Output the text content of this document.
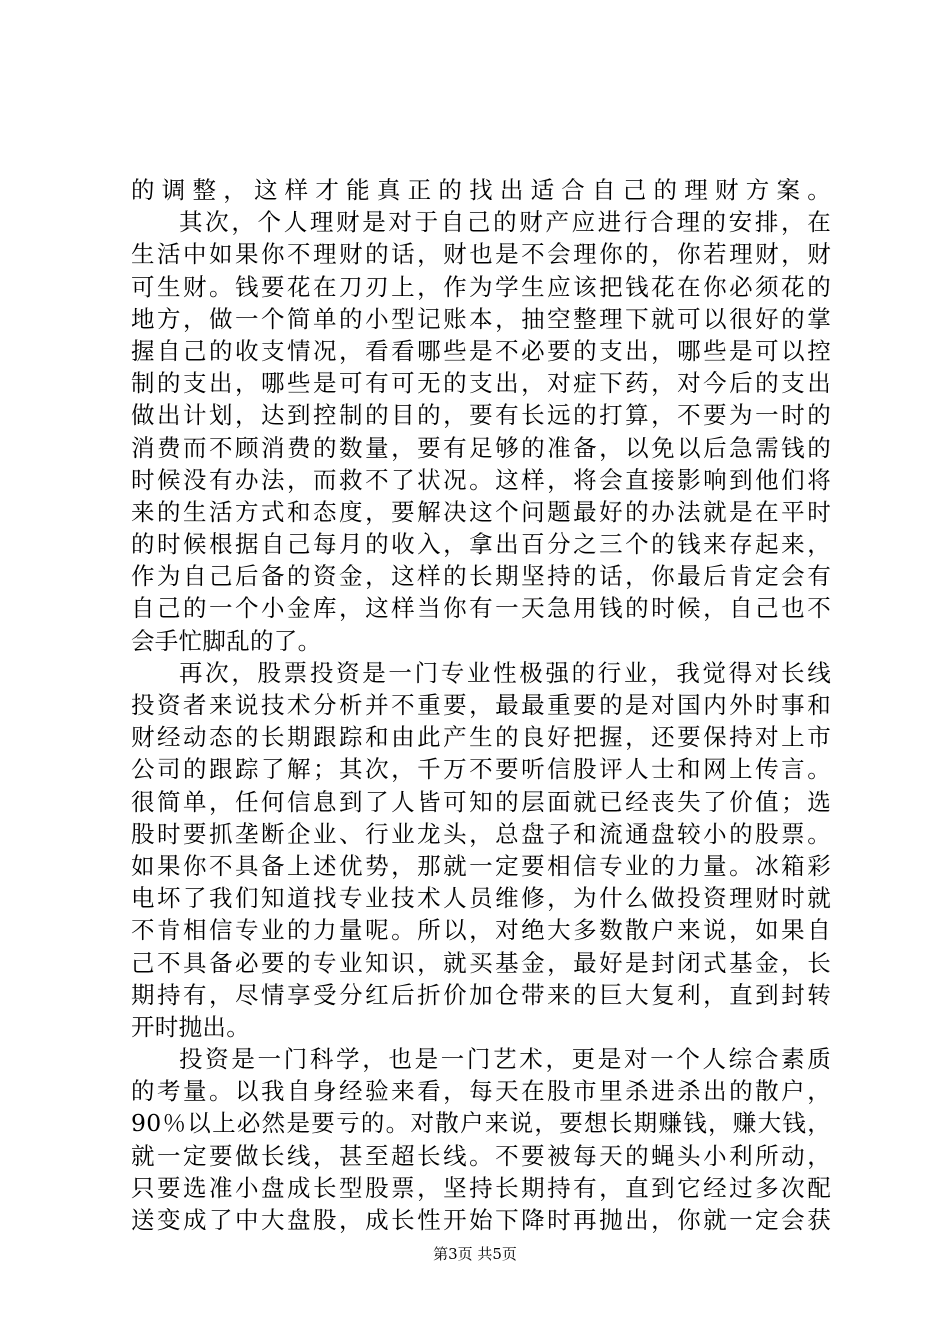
的调整，这样才能真正的找出适合自己的理财方案。
其次，个人理财是对于自己的财产应进行合理的安排，在
生活中如果你不理财的话，财也是不会理你的，你若理财，财
可生财。钱要花在刀刃上，作为学生应该把钱花在你必须花的
地方，做一个简单的小型记账本，抽空整理下就可以很好的掌
握自己的收支情况，看看哪些是不必要的支出，哪些是可以控
制的支出，哪些是可有可无的支出，对症下药，对今后的支出
做出计划，达到控制的目的，要有长远的打算，不要为一时的
消费而不顾消费的数量，要有足够的准备，以免以后急需钱的
时候没有办法，而救不了状况。这样，将会直接影响到他们将
来的生活方式和态度，要解决这个问题最好的办法就是在平时
的时候根据自己每月的收入，拿出百分之三个的钱来存起来，
作为自己后备的资金，这样的长期坚持的话，你最后肯定会有
自己的一个小金库，这样当你有一天急用钱的时候，自己也不
会手忙脚乱的了。
再次，股票投资是一门专业性极强的行业，我觉得对长线
投资者来说技术分析并不重要，最最重要的是对国内外时事和
财经动态的长期跟踪和由此产生的良好把握，还要保持对上市
公司的跟踪了解；其次，千万不要听信股评人士和网上传言。
很简单，任何信息到了人皆可知的层面就已经丧失了价值；选
股时要抓垄断企业、行业龙头，总盘子和流通盘较小的股票。
如果你不具备上述优势，那就一定要相信专业的力量。冰箱彩
电坏了我们知道找专业技术人员维修，为什么做投资理财时就
不肯相信专业的力量呢。所以，对绝大多数散户来说，如果自
己不具备必要的专业知识，就买基金，最好是封闭式基金，长
期持有，尽情享受分红后折价加仓带来的巨大复利，直到封转
开时抛出。
投资是一门科学，也是一门艺术，更是对一个人综合素质
的考量。以我自身经验来看，每天在股市里杀进杀出的散户，
90％以上必然是要亏的。对散户来说，要想长期赚钱，赚大钱，
就一定要做长线，甚至超长线。不要被每天的蝇头小利所动，
只要选准小盘成长型股票，坚持长期持有，直到它经过多次配
送变成了中大盘股，成长性开始下降时再抛出，你就一定会获
第3页 共5页
